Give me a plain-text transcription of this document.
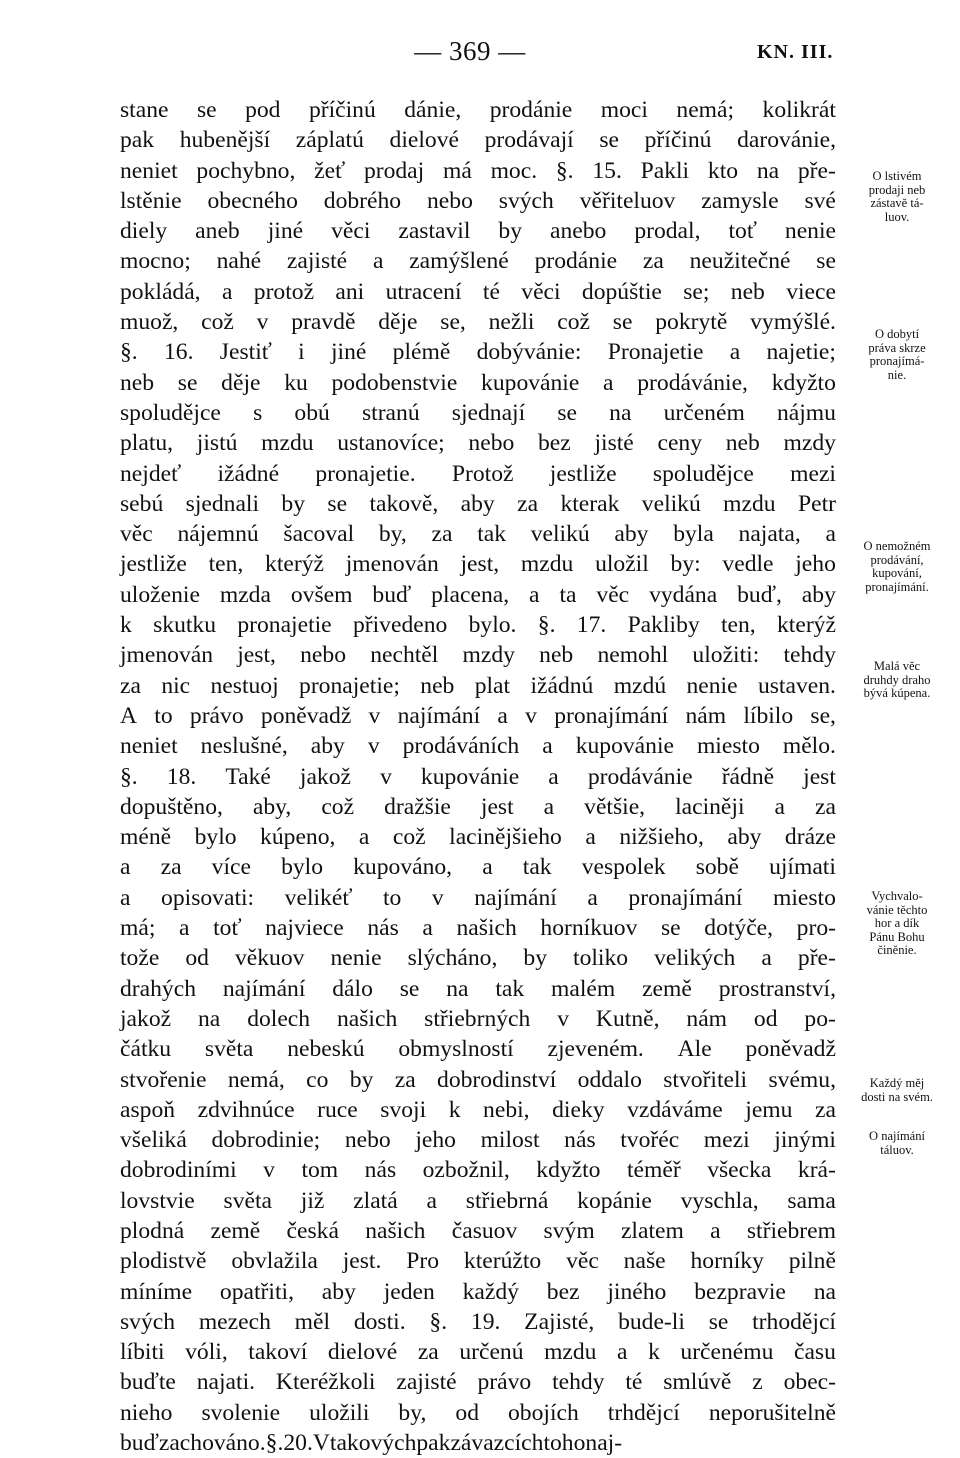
— 369 —	KN. III.
stane se pod příčinú dánie, prodánie moci nemá; kolikrát
pak hubenější záplatú dielové prodávají se příčinú darovánie,
neniet pochybno, žeť prodaj má moc. §. 15. Pakli kto na pře-
lstěnie obecného dobrého nebo svých věřiteluov zamysle své
diely aneb jiné věci zastavil by anebo prodal, toť nenie
mocno; nahé zajisté a zamýšlené prodánie za neužitečné se
pokládá, a protož ani utracení té věci dopúštie se; neb viece
muož, což v pravdě děje se, nežli což se pokrytě vymýšlé.
§. 16. Jestiť i jiné plémě dobývánie: Pronajetie a najetie;
neb se děje ku podobenstvie kupovánie a prodávánie, kdyžto
spoluděјce s obú stranú sjednají se na určeném nájmu
platu, jistú mzdu ustanovíce; nebo bez jisté ceny neb mzdy
nejdeť ižádné pronajetie. Protož jestliže spoluděјce mezi
sebú sjednali by se takově, aby za kterak velikú mzdu Petr
věc nájemnú šacoval by, za tak velikú aby byla najata, a
jestliže ten, kterýž jmenován jest, mzdu uložil by: vedle jeho
uloženie mzda ovšem buď placena, a ta věc vydána buď, aby
k skutku pronajetie přivedeno bylo. §. 17. Pakliby ten, kterýž
jmenován jest, nebo nechtěl mzdy neb nemohl uložiti: tehdy
za nic nestuoj pronajetie; neb plat ižádnú mzdú nenie ustaven.
A to právo poněvadž v najímání a v pronajímání nám líbilo se,
neniet neslušné, aby v prodáváních a kupovánie miesto mělo.
§. 18. Také jakož v kupovánie a prodávánie řádně jest
dopuštěno, aby, což dražšie jest a většie, laciněji a za
méně bylo kúpeno, a což lacinějšieho a nižšieho, aby dráze
a za více bylo kupováno, a tak vespolek sobě ujímati
a opisovati: velikéť to v najímání a pronajímání miesto
má; a toť najviece nás a našich horníkuov se dotýče, pro-
tože od věkuov nenie slýcháno, by toliko velikých a pře-
drahých najímání dálo se na tak malém země prostranství,
jakož na dolech našich střiebrných v Kutně, nám od po-
čátku světa nebeskú obmyslností zjeveném. Ale poněvadž
stvořenie nemá, co by za dobrodinství oddalo stvořiteli svému,
aspoň zdvihnúce ruce svoji k nebi, dieky vzdáváme jemu za
všeliká dobrodinie; nebo jeho milost nás tvořéc mezi jinými
dobrodiními v tom nás ozbožnil, kdyžto téměř všecka krá-
lovstvie světa již zlatá a střiebrná kopánie vyschla, sama
plodná země česká našich časuov svým zlatem a střiebrem
plodistvě obvlažila jest. Pro kterúžto věc naše horníky pilně
míníme opatřiti, aby jeden každý bez jiného bezpravie na
svých mezech měl dosti. §. 19. Zajisté, bude-li se trhodějcí
líbiti vóli, takoví dielové za určenú mzdu a k určenému času
buďte najati. Kteréžkoli zajisté právo tehdy té smlúvě z obec-
nieho svolenie uložili by, od obojích trhdějcí neporušitelně
buď zachováno. §. 20. V takových pak závazcích toho naj-
O lstivém
prodaji neb
zástavě tá-
luov.
O dobytí
práva skrze
pronajímá-
nie.
O nemožném
prodávání,
kupování,
pronajímání.
Malá věc
druhdy draho
bývá kúpena.
Vychvalo-
vánie těchto
hor a dík
Pánu Bohu
činěnie.
Každý měj
dosti na svém.
O najímání
táluov.
